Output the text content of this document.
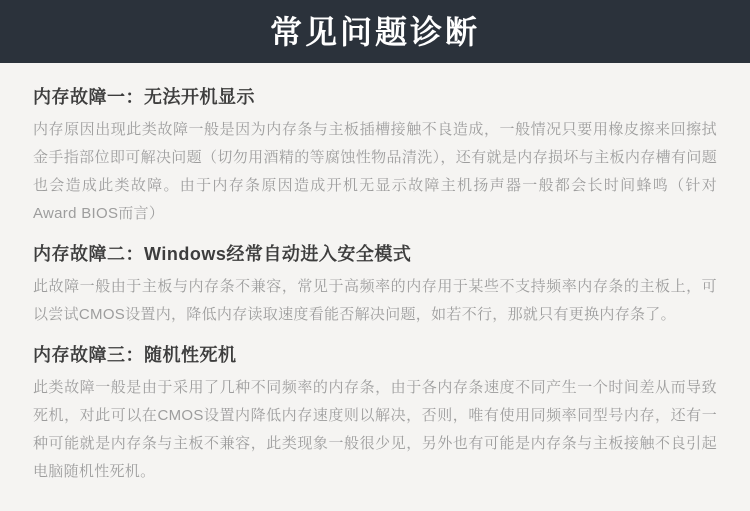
常见问题诊断
内存故障一：无法开机显示

内存原因出现此类故障一般是因为内存条与主板插槽接触不良造成，一般情况只要用橡皮擦来回擦拭金手指部位即可解决问题（切勿用酒精的等腐蚀性物品清洗），还有就是内存损坏与主板内存槽有问题也会造成此类故障。由于内存条原因造成开机无显示故障主机扬声器一般都会长时间蜂鸣（针对Award BIOS而言）

内存故障二：Windows经常自动进入安全模式

此故障一般由于主板与内存条不兼容，常见于高频率的内存用于某些不支持频率内存条的主板上，可以尝试CMOS设置内，降低内存读取速度看能否解决问题，如若不行，那就只有更换内存条了。

内存故障三：随机性死机

此类故障一般是由于采用了几种不同频率的内存条，由于各内存条速度不同产生一个时间差从而导致死机，对此可以在CMOS设置内降低内存速度则以解决，否则，唯有使用同频率同型号内存，还有一种可能就是内存条与主板不兼容，此类现象一般很少见，另外也有可能是内存条与主板接触不良引起电脑随机性死机。
